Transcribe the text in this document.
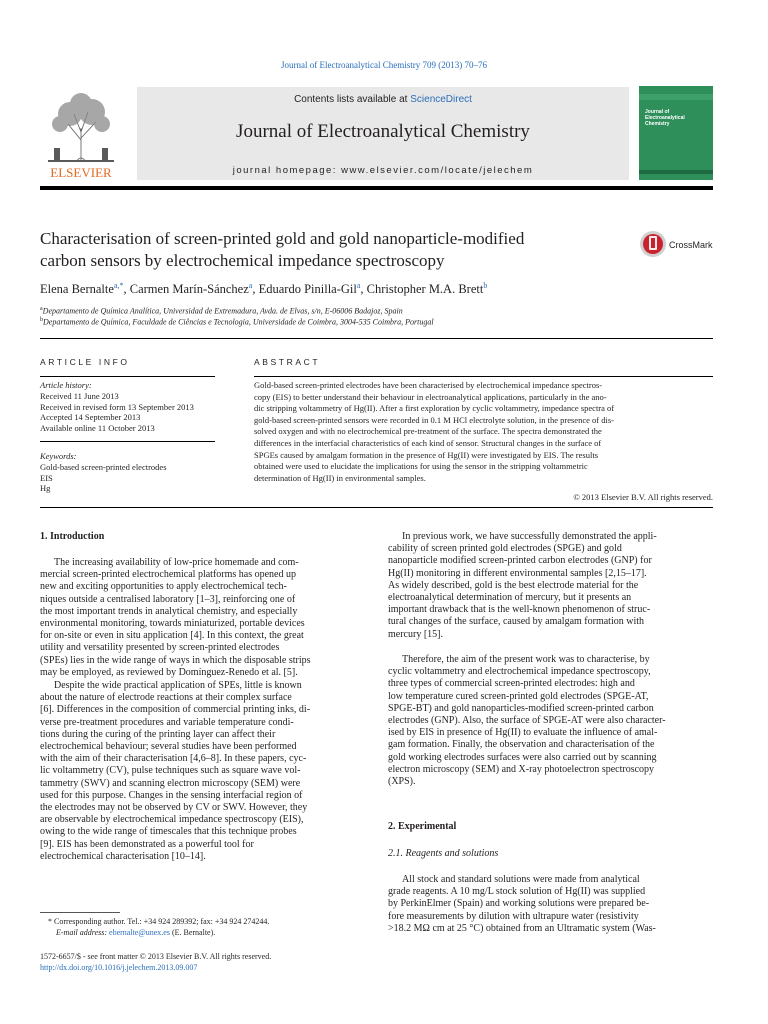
Journal of Electroanalytical Chemistry 709 (2013) 70–76
ELSEVIER
Contents lists available at ScienceDirect
Journal of Electroanalytical Chemistry
journal homepage: www.elsevier.com/locate/jelechem
Journal of Electroanalytical Chemistry
Characterisation of screen-printed gold and gold nanoparticle-modified
carbon sensors by electrochemical impedance spectroscopy
CrossMark
Elena Bernalte$^{a,*}$, Carmen Marín-Sánchez$^a$, Eduardo Pinilla-Gil$^a$, Christopher M.A. Brett$^b$
$^a$Departamento de Química Analítica, Universidad de Extremadura, Avda. de Elvas, s/n, E-06006 Badajoz, Spain
$^b$Departamento de Química, Faculdade de Ciências e Tecnologia, Universidade de Coimbra, 3004-535 Coimbra, Portugal
ARTICLE INFO
Article history:
Received 11 June 2013
Received in revised form 13 September 2013
Accepted 14 September 2013
Available online 11 October 2013
Keywords:
Gold-based screen-printed electrodes
EIS
Hg
ABSTRACT
Gold-based screen-printed electrodes have been characterised by electrochemical impedance spectros-
copy (EIS) to better understand their behaviour in electroanalytical applications, particularly in the ano-
dic stripping voltammetry of Hg(II). After a first exploration by cyclic voltammetry, impedance spectra of
gold-based screen-printed sensors were recorded in 0.1 M HCl electrolyte solution, in the presence of dis-
solved oxygen and with no electrochemical pre-treatment of the surface. The spectra demonstrated the
differences in the interfacial characteristics of each kind of sensor. Structural changes in the surface of
SPGEs caused by amalgam formation in the presence of Hg(II) were investigated by EIS. The results
obtained were used to elucidate the implications for using the sensor in the stripping voltammetric
determination of Hg(II) in environmental samples.
© 2013 Elsevier B.V. All rights reserved.
1. Introduction
The increasing availability of low-price homemade and com-
mercial screen-printed electrochemical platforms has opened up
new and exciting opportunities to apply electrochemical tech-
niques outside a centralised laboratory [1–3], reinforcing one of
the most important trends in analytical chemistry, and especially
environmental monitoring, towards miniaturized, portable devices
for on-site or even in situ application [4]. In this context, the great
utility and versatility presented by screen-printed electrodes
(SPEs) lies in the wide range of ways in which the disposable strips
may be employed, as reviewed by Domínguez-Renedo et al. [5].
Despite the wide practical application of SPEs, little is known
about the nature of electrode reactions at their complex surface
[6]. Differences in the composition of commercial printing inks, di-
verse pre-treatment procedures and variable temperature condi-
tions during the curing of the printing layer can affect their
electrochemical behaviour; several studies have been performed
with the aim of their characterisation [4,6–8]. In these papers, cyc-
lic voltammetry (CV), pulse techniques such as square wave vol-
tammetry (SWV) and scanning electron microscopy (SEM) were
used for this purpose. Changes in the sensing interfacial region of
the electrodes may not be observed by CV or SWV. However, they
are observable by electrochemical impedance spectroscopy (EIS),
owing to the wide range of timescales that this technique probes
[9]. EIS has been demonstrated as a powerful tool for
electrochemical characterisation [10–14].
* Corresponding author. Tel.: +34 924 289392; fax: +34 924 274244.
E-mail address: ebernalte@unex.es (E. Bernalte).
1572-6657/$ - see front matter © 2013 Elsevier B.V. All rights reserved.
http://dx.doi.org/10.1016/j.jelechem.2013.09.007
In previous work, we have successfully demonstrated the appli-
cability of screen printed gold electrodes (SPGE) and gold
nanoparticle modified screen-printed carbon electrodes (GNP) for
Hg(II) monitoring in different environmental samples [2,15–17].
As widely described, gold is the best electrode material for the
electroanalytical determination of mercury, but it presents an
important drawback that is the well-known phenomenon of struc-
tural changes of the surface, caused by amalgam formation with
mercury [15].
Therefore, the aim of the present work was to characterise, by
cyclic voltammetry and electrochemical impedance spectroscopy,
three types of commercial screen-printed electrodes: high and
low temperature cured screen-printed gold electrodes (SPGE-AT,
SPGE-BT) and gold nanoparticles-modified screen-printed carbon
electrodes (GNP). Also, the surface of SPGE-AT were also character-
ised by EIS in presence of Hg(II) to evaluate the influence of amal-
gam formation. Finally, the observation and characterisation of the
gold working electrodes surfaces were also carried out by scanning
electron microscopy (SEM) and X-ray photoelectron spectroscopy
(XPS).
2. Experimental
2.1. Reagents and solutions
All stock and standard solutions were made from analytical
grade reagents. A 10 mg/L stock solution of Hg(II) was supplied
by PerkinElmer (Spain) and working solutions were prepared be-
fore measurements by dilution with ultrapure water (resistivity
>18.2 MΩ cm at 25 °C) obtained from an Ultramatic system (Was-
